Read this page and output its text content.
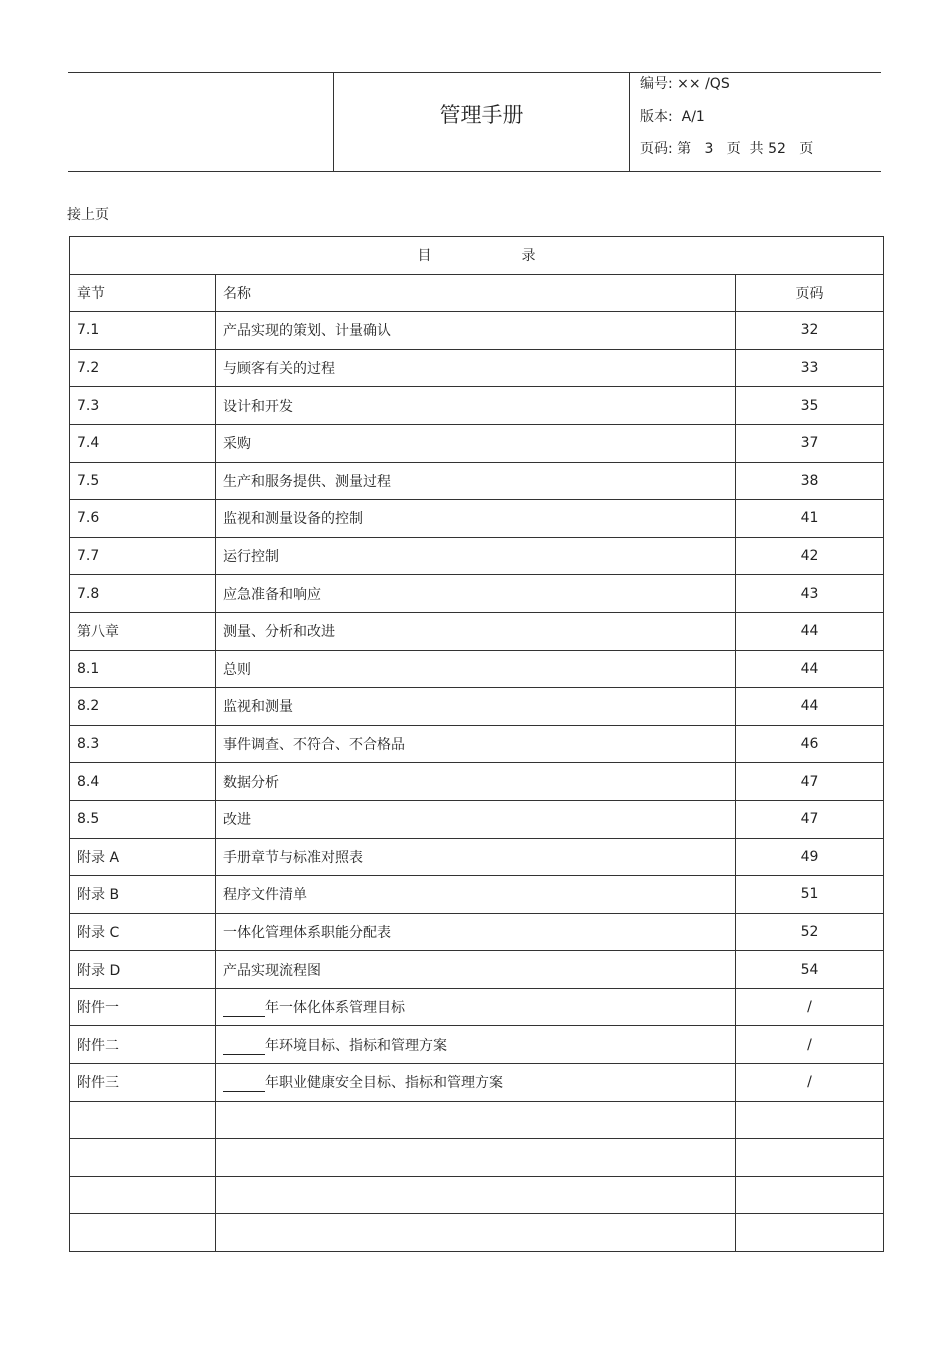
管理手册
编号: ×× /QS
版本: A/1
页码: 第   3   页  共 52   页
接上页
目 录		
章节	名称	页码
7.1	产品实现的策划、计量确认	32
7.2	与顾客有关的过程	33
7.3	设计和开发	35
7.4	采购	37
7.5	生产和服务提供、测量过程	38
7.6	监视和测量设备的控制	41
7.7	运行控制	42
7.8	应急准备和响应	43
第八章	测量、分析和改进	44
8.1	总则	44
8.2	监视和测量	44
8.3	事件调查、不符合、不合格品	46
8.4	数据分析	47
8.5	改进	47
附录 A	手册章节与标准对照表	49
附录 B	程序文件清单	51
附录 C	一体化管理体系职能分配表	52
附录 D	产品实现流程图	54
附件一	年一体化体系管理目标	/
附件二	年环境目标、指标和管理方案	/
附件三	年职业健康安全目标、指标和管理方案	/
